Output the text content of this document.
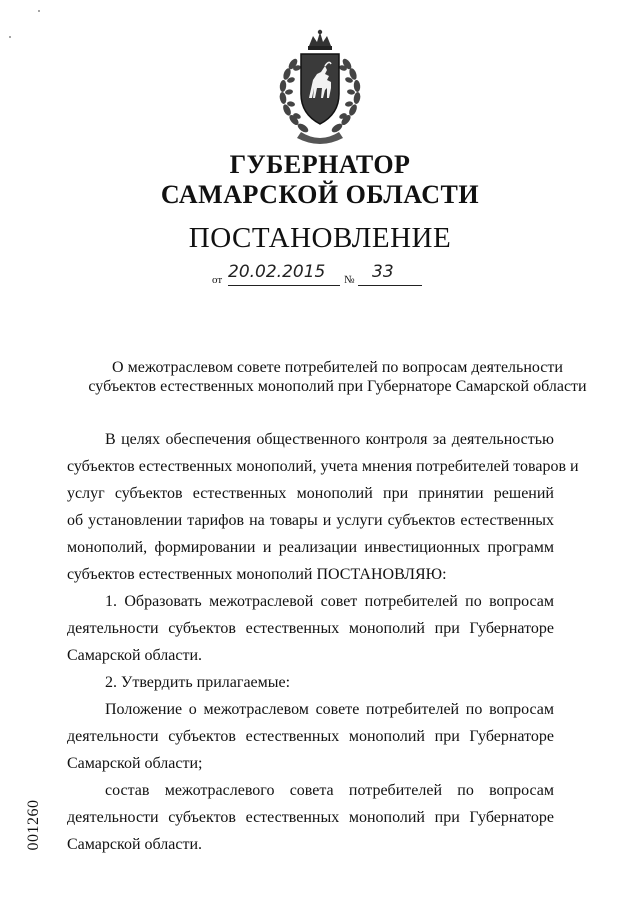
ГУБЕРНАТОР
САМАРСКОЙ ОБЛАСТИ
ПОСТАНОВЛЕНИЕ
от 20.02.2015 № 33
О межотраслевом совете потребителей по вопросам деятельности
субъектов естественных монополий при Губернаторе Самарской области
В целях обеспечения общественного контроля за деятельностью
субъектов естественных монополий, учета мнения потребителей товаров и
услуг субъектов естественных монополий при принятии решений
об установлении тарифов на товары и услуги субъектов естественных
монополий, формировании и реализации инвестиционных программ
субъектов естественных монополий ПОСТАНОВЛЯЮ:
1. Образовать межотраслевой совет потребителей по вопросам
деятельности субъектов естественных монополий при Губернаторе
Самарской области.
2. Утвердить прилагаемые:
Положение о межотраслевом совете потребителей по вопросам
деятельности субъектов естественных монополий при Губернаторе
Самарской области;
состав межотраслевого совета потребителей по вопросам
деятельности субъектов естественных монополий при Губернаторе
Самарской области.
001260
